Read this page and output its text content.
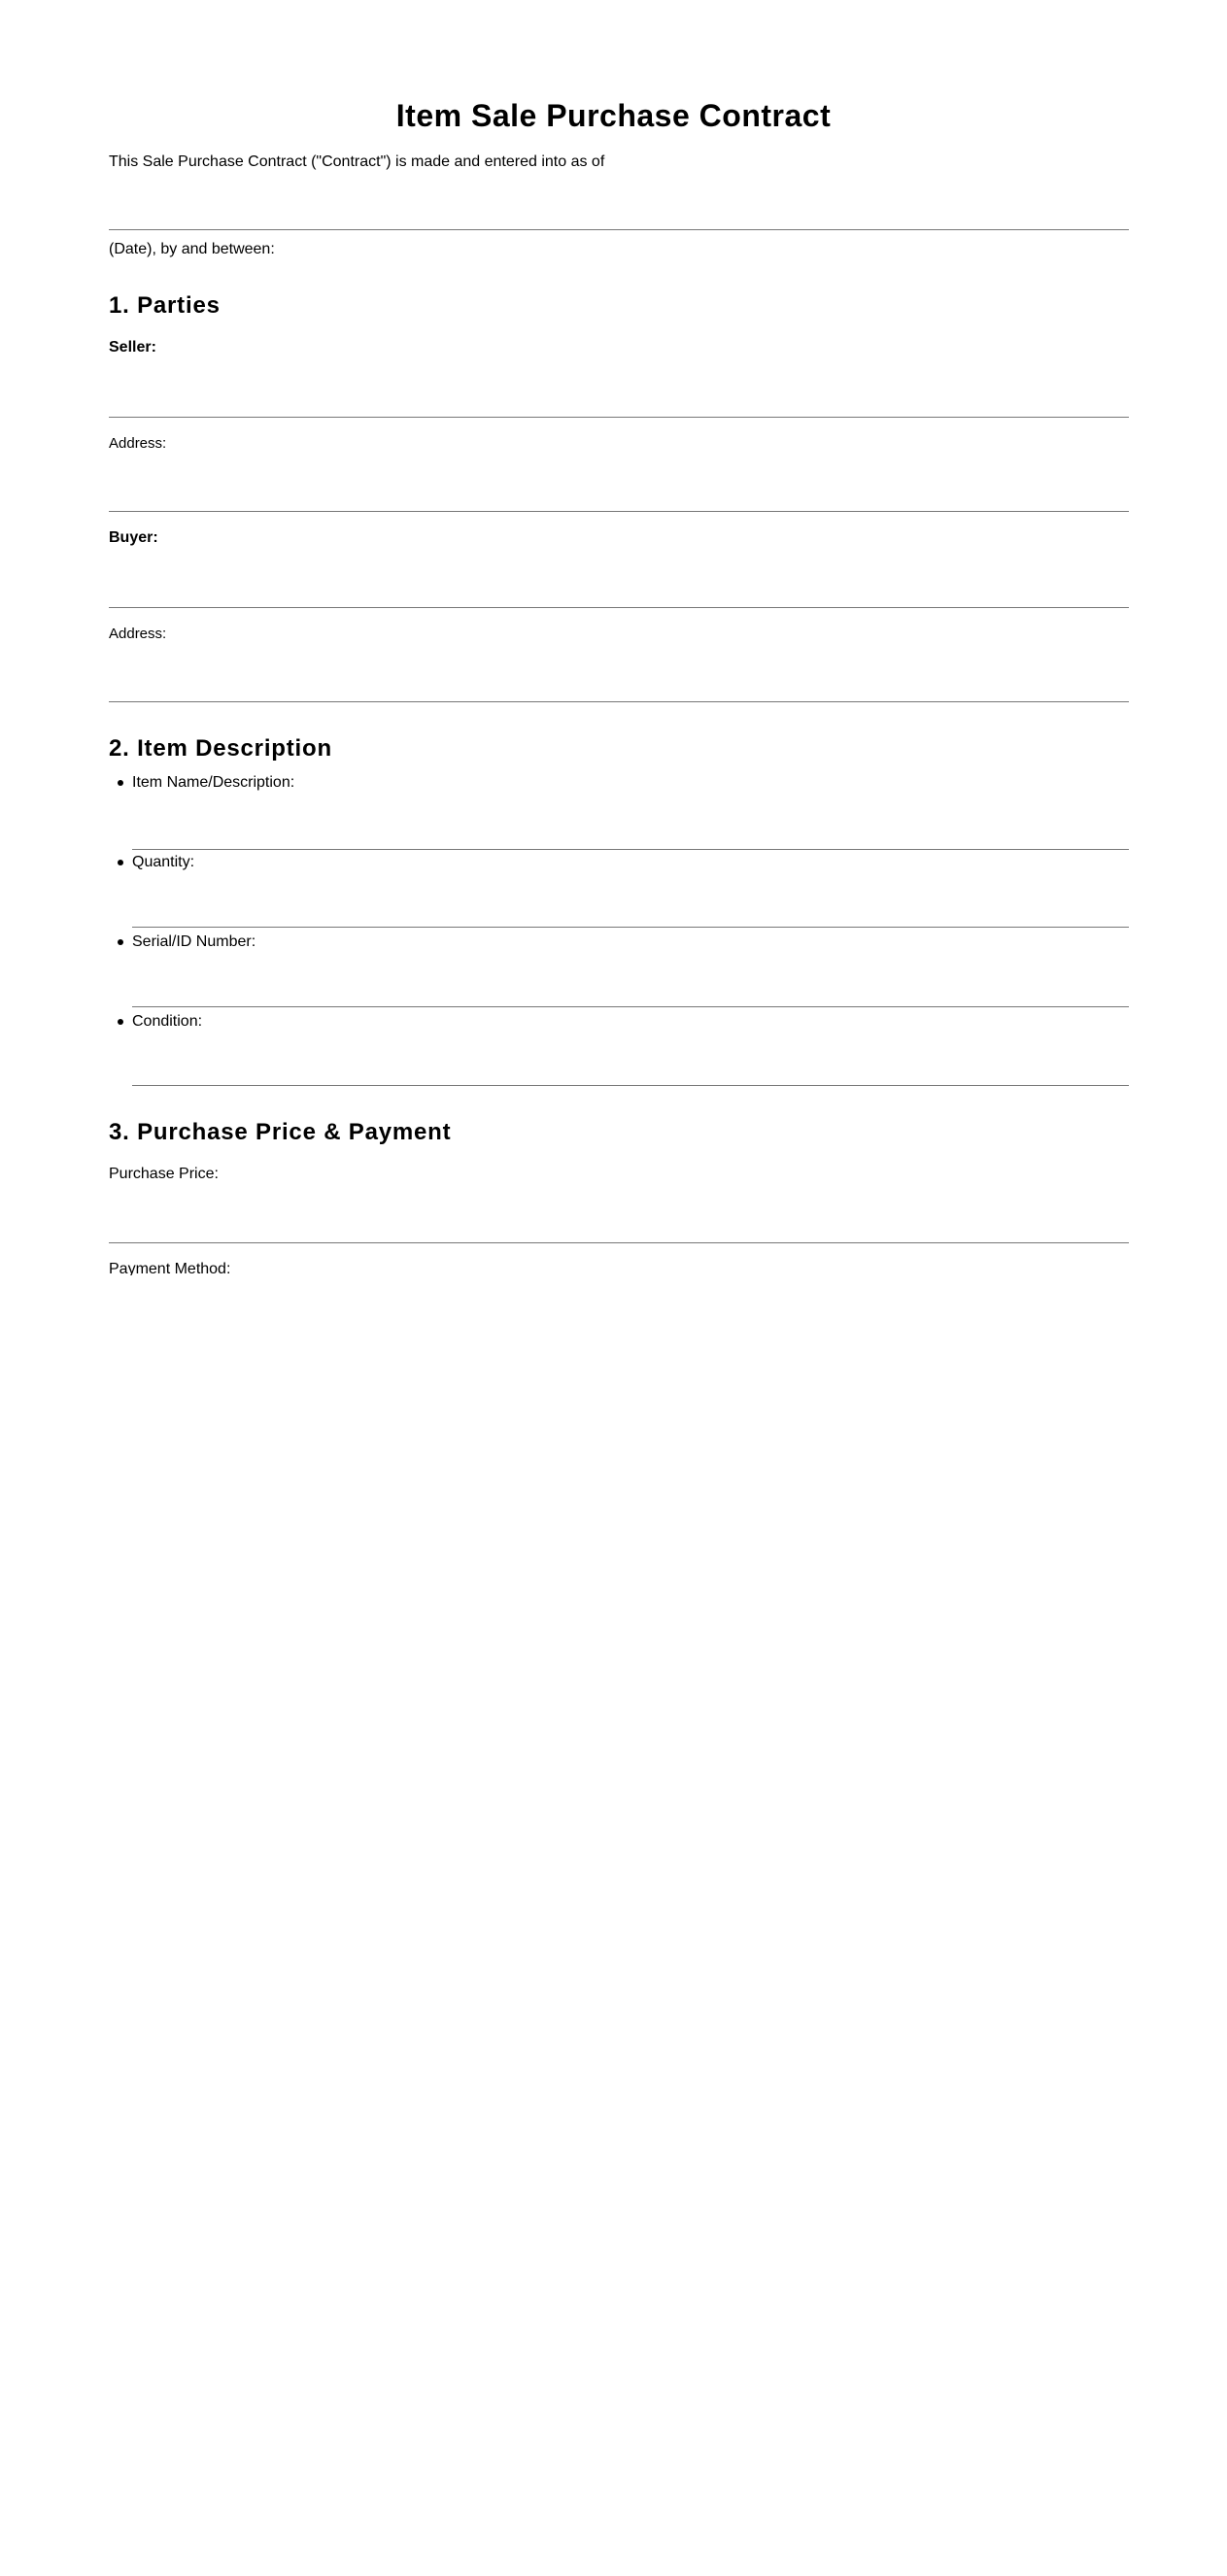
Item Sale Purchase Contract
This Sale Purchase Contract ("Contract") is made and entered into as of
(Date), by and between:
1. Parties
Seller:
Address:
Buyer:
Address:
2. Item Description
Item Name/Description:
Quantity:
Serial/ID Number:
Condition:
3. Purchase Price & Payment
Purchase Price:
Payment Method:
